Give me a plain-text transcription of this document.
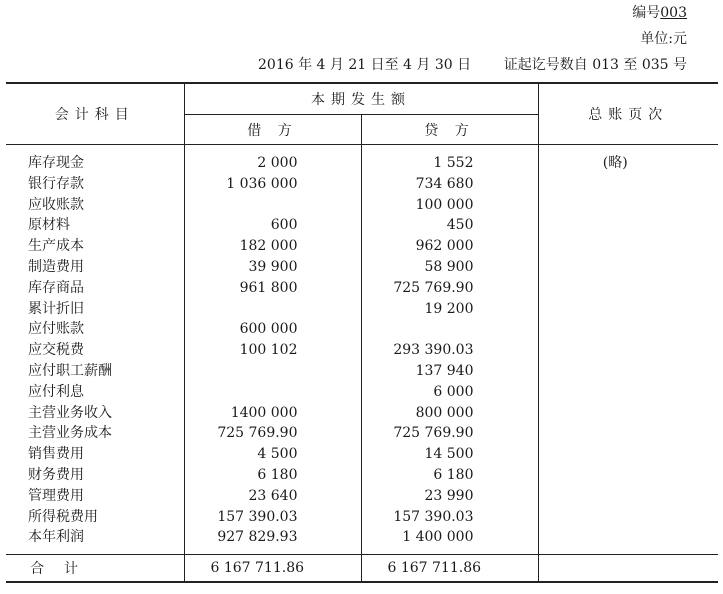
编号003
单位:元
2016 年 4 月 21 日至 4 月 30 日 证起讫号数自 013 至 035 号
会计科目	本期发生额		总账页次
	借 方	贷 方	
库存现金	2 000	1 552	(略)
银行存款	1 036 000	734 680	
应收账款		100 000	
原材料	600	450	
生产成本	182 000	962 000	
制造费用	39 900	58 900	
库存商品	961 800	725 769.90	
累计折旧		19 200	
应付账款	600 000		
应交税费	100 102	293 390.03	
应付职工薪酬		137 940	
应付利息		6 000	
主营业务收入	1400 000	800 000	
主营业务成本	725 769.90	725 769.90	
销售费用	4 500	14 500	
财务费用	6 180	6 180	
管理费用	23 640	23 990	
所得税费用	157 390.03	157 390.03	
本年利润	927 829.93	1 400 000	
合计	6 167 711.86	6 167 711.86	
